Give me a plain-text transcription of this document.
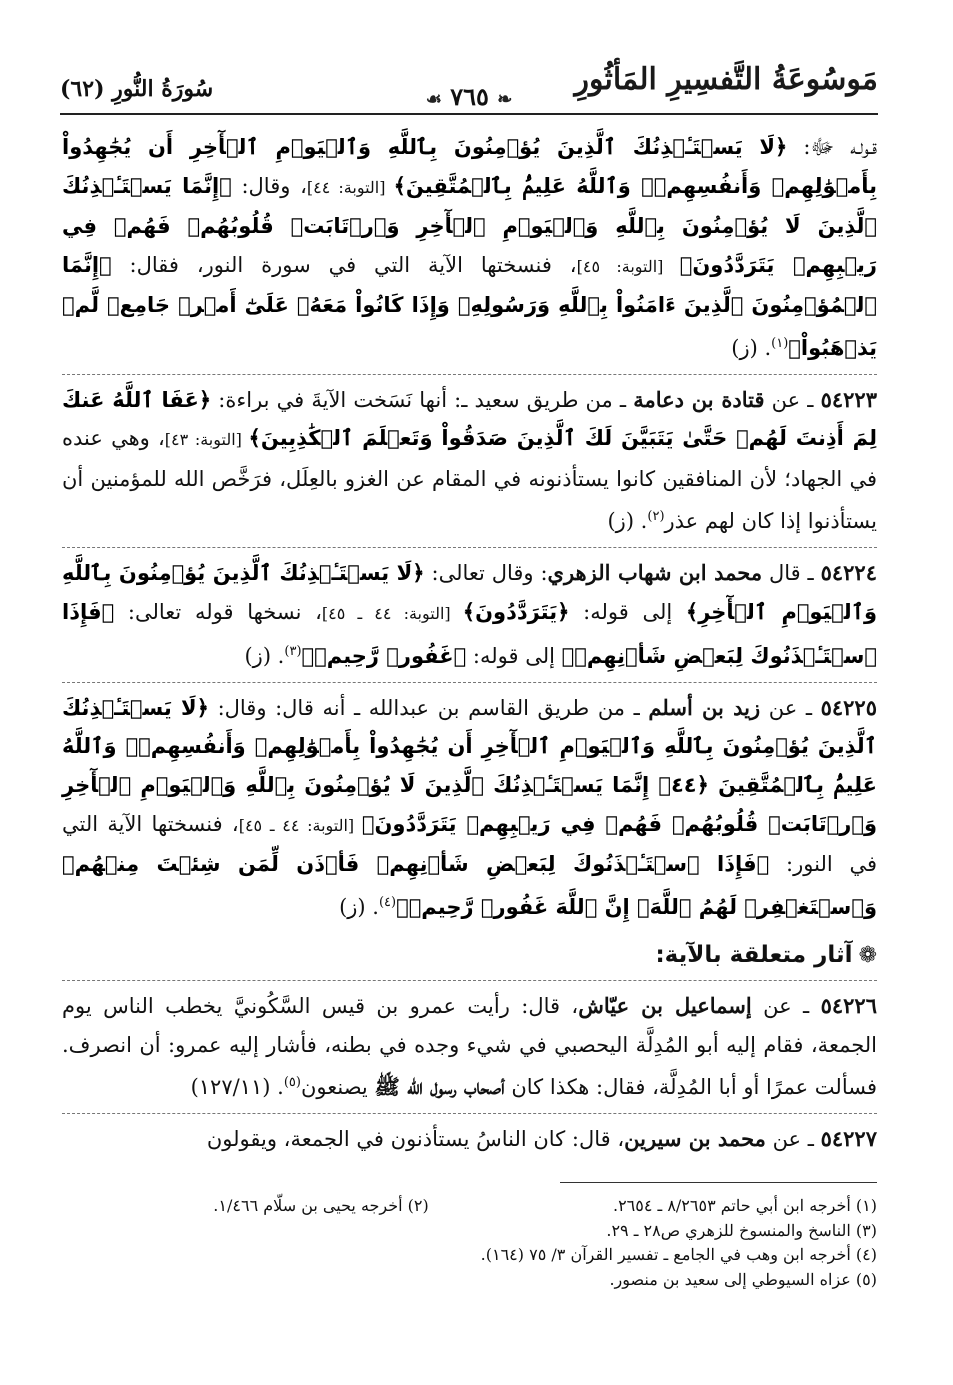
مَوسُوعَةُ التَّفسِيرِ المَأثُورِ
❧ ٧٦٥ ☙
سُورَةُ النُّورِ (٦٢)

قـولـه ﷻ: ﴿لَا يَسۡتَـٔۡذِنُكَ ٱلَّذِينَ يُؤۡمِنُونَ بِٱللَّهِ وَٱلۡيَوۡمِ ٱلۡأٓخِرِ أَن يُجَٰهِدُواْ بِأَمۡوَٰلِهِمۡ وَأَنفُسِهِمۡۗ وَٱللَّهُ عَلِيمُۢ بِٱلۡمُتَّقِينَ﴾ [التوبة: ٤٤]، وقال: ﴿إِنَّمَا يَسۡتَـٔۡذِنُكَ ٱلَّذِينَ لَا يُؤۡمِنُونَ بِٱللَّهِ وَٱلۡيَوۡمِ ٱلۡأٓخِرِ وَٱرۡتَابَتۡ قُلُوبُهُمۡ فَهُمۡ فِي رَيۡبِهِمۡ يَتَرَدَّدُونَ﴾ [التوبة: ٤٥]، فنسختها الآية التي في سورة النور، فقال: ﴿إِنَّمَا ٱلۡمُؤۡمِنُونَ ٱلَّذِينَ ءَامَنُواْ بِٱللَّهِ وَرَسُولِهِۦ وَإِذَا كَانُواْ مَعَهُۥ عَلَىٰٓ أَمۡرٖ جَامِعٖ لَّمۡ يَذۡهَبُواْ﴾$^{(١)}$. (ز)

٥٤٢٢٣ ـ عن قتادة بن دعامة ـ من طريق سعيد ـ: أنها نَسَخت الآيةَ في براءة: ﴿عَفَا ٱللَّهُ عَنكَ لِمَ أَذِنتَ لَهُمۡ حَتَّىٰ يَتَبَيَّنَ لَكَ ٱلَّذِينَ صَدَقُواْ وَتَعۡلَمَ ٱلۡكَٰذِبِينَ﴾ [التوبة: ٤٣]، وهي عنده في الجهاد؛ لأن المنافقين كانوا يستأذنونه في المقام عن الغزو بالعِلَل، فرَخَّص الله للمؤمنين أن يستأذنوا إذا كان لهم عذر$^{(٢)}$. (ز)

٥٤٢٢٤ ـ قال محمد ابن شهاب الزهري: وقال تعالى: ﴿لَا يَسۡتَـٔۡذِنُكَ ٱلَّذِينَ يُؤۡمِنُونَ بِٱللَّهِ وَٱلۡيَوۡمِ ٱلۡأٓخِرِ﴾ إلى قوله: ﴿يَتَرَدَّدُونَ﴾ [التوبة: ٤٤ ـ ٤٥]، نسخها قوله تعالى: ﴿فَإِذَا ٱسۡتَـٔۡذَنُوكَ لِبَعۡضِ شَأۡنِهِمۡ﴾ إلى قوله: ﴿غَفُورٞ رَّحِيمٞ﴾$^{(٣)}$. (ز)

٥٤٢٢٥ ـ عن زيد بن أسلم ـ من طريق القاسم بن عبدالله ـ أنه قال: وقال: ﴿لَا يَسۡتَـٔۡذِنُكَ ٱلَّذِينَ يُؤۡمِنُونَ بِٱللَّهِ وَٱلۡيَوۡمِ ٱلۡأٓخِرِ أَن يُجَٰهِدُواْ بِأَمۡوَٰلِهِمۡ وَأَنفُسِهِمۡۗ وَٱللَّهُ عَلِيمُۢ بِٱلۡمُتَّقِينَ ﴿٤٤﴾ إِنَّمَا يَسۡتَـٔۡذِنُكَ ٱلَّذِينَ لَا يُؤۡمِنُونَ بِٱللَّهِ وَٱلۡيَوۡمِ ٱلۡأٓخِرِ وَٱرۡتَابَتۡ قُلُوبُهُمۡ فَهُمۡ فِي رَيۡبِهِمۡ يَتَرَدَّدُونَ﴾ [التوبة: ٤٤ ـ ٤٥]، فنسختها الآية التي في النور: ﴿فَإِذَا ٱسۡتَـٔۡذَنُوكَ لِبَعۡضِ شَأۡنِهِمۡ فَأۡذَن لِّمَن شِئۡتَ مِنۡهُمۡ وَٱسۡتَغۡفِرۡ لَهُمُ ٱللَّهَۚ إِنَّ ٱللَّهَ غَفُورٞ رَّحِيمٞ﴾$^{(٤)}$. (ز)

❁آثار متعلقة بالآية:

٥٤٢٢٦ ـ عن إسماعيل بن عيّاش، قال: رأيت عمرو بن قيس السَّكُونيَّ يخطب الناس يوم الجمعة، فقام إليه أبو المُدِلَّة اليحصبي في شيء وجده في بطنه، فأشار إليه عمرو: أن انصرف. فسألت عمرًا أو أبا المُدِلَّة، فقال: هكذا كان أصحاب رسول الله ﷺ يصنعون$^{(٥)}$. (١٢٧/١١)

٥٤٢٢٧ ـ عن محمد بن سيرين، قال: كان الناسُ يستأذنون في الجمعة، ويقولون

(١) أخرجه ابن أبي حاتم ٨/٢٦٥٣ ـ ٢٦٥٤.
(٢) أخرجه يحيى بن سلّام ١/٤٦٦.
(٣) الناسخ والمنسوخ للزهري ص٢٨ ـ ٢٩.
(٤) أخرجه ابن وهب في الجامع ـ تفسير القرآن ٣/ ٧٥ (١٦٤).
(٥) عزاه السيوطي إلى سعيد بن منصور.
